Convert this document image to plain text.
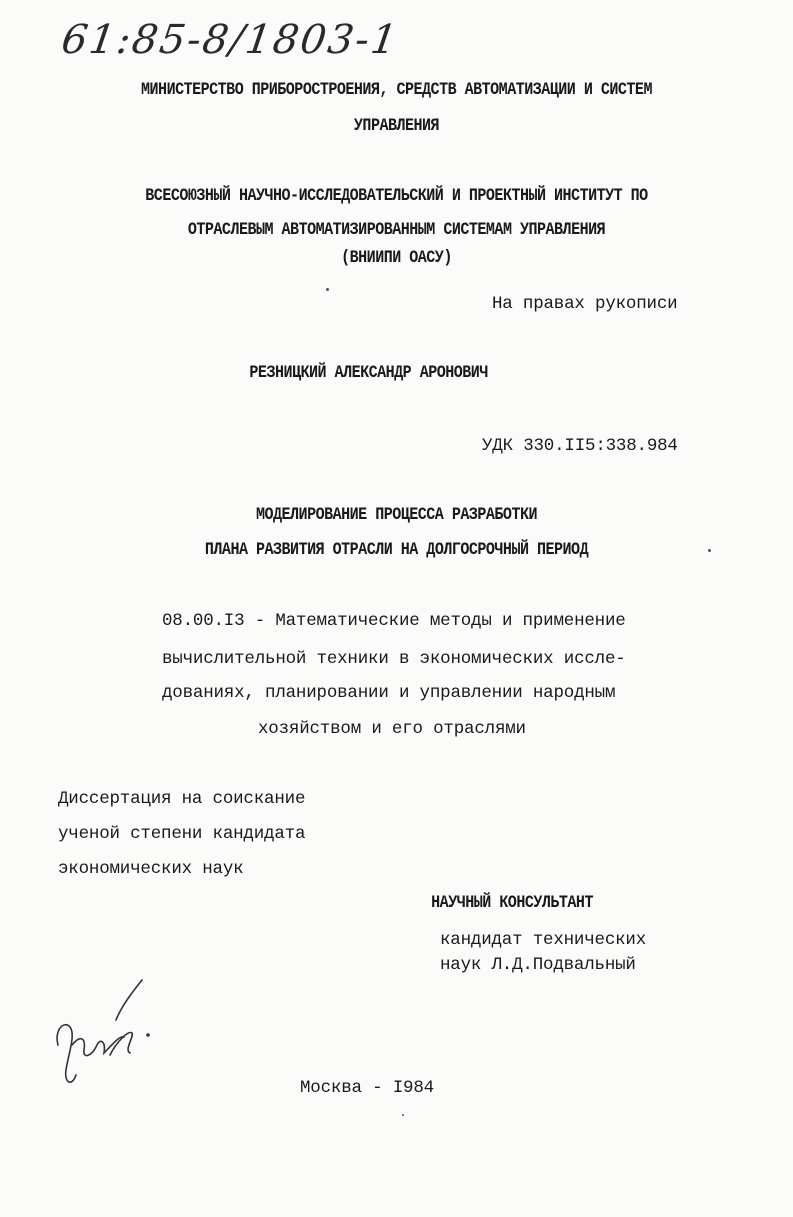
61:85-8/1803-1
МИНИСТЕРСТВО ПРИБОРОСТРОЕНИЯ, СРЕДСТВ АВТОМАТИЗАЦИИ И СИСТЕМ
УПРАВЛЕНИЯ
ВСЕСОЮЗНЫЙ НАУЧНО-ИССЛЕДОВАТЕЛЬСКИЙ И ПРОЕКТНЫЙ ИНСТИТУТ ПО
ОТРАСЛЕВЫМ АВТОМАТИЗИРОВАННЫМ СИСТЕМАМ УПРАВЛЕНИЯ
(ВНИИПИ ОАСУ)
На правах рукописи
РЕЗНИЦКИЙ АЛЕКСАНДР АРОНОВИЧ
УДК 330.II5:338.984
МОДЕЛИРОВАНИЕ ПРОЦЕССА РАЗРАБОТКИ
ПЛАНА РАЗВИТИЯ ОТРАСЛИ НА ДОЛГОСРОЧНЫЙ ПЕРИОД
08.00.I3 - Математические методы и применение
вычислительной техники в экономических иссле-
дованиях, планировании и управлении народным
хозяйством и его отраслями
Диссертация на соискание
ученой степени кандидата
экономических наук
НАУЧНЫЙ КОНСУЛЬТАНТ
кандидат технических
наук Л.Д.Подвальный
Москва - I984
